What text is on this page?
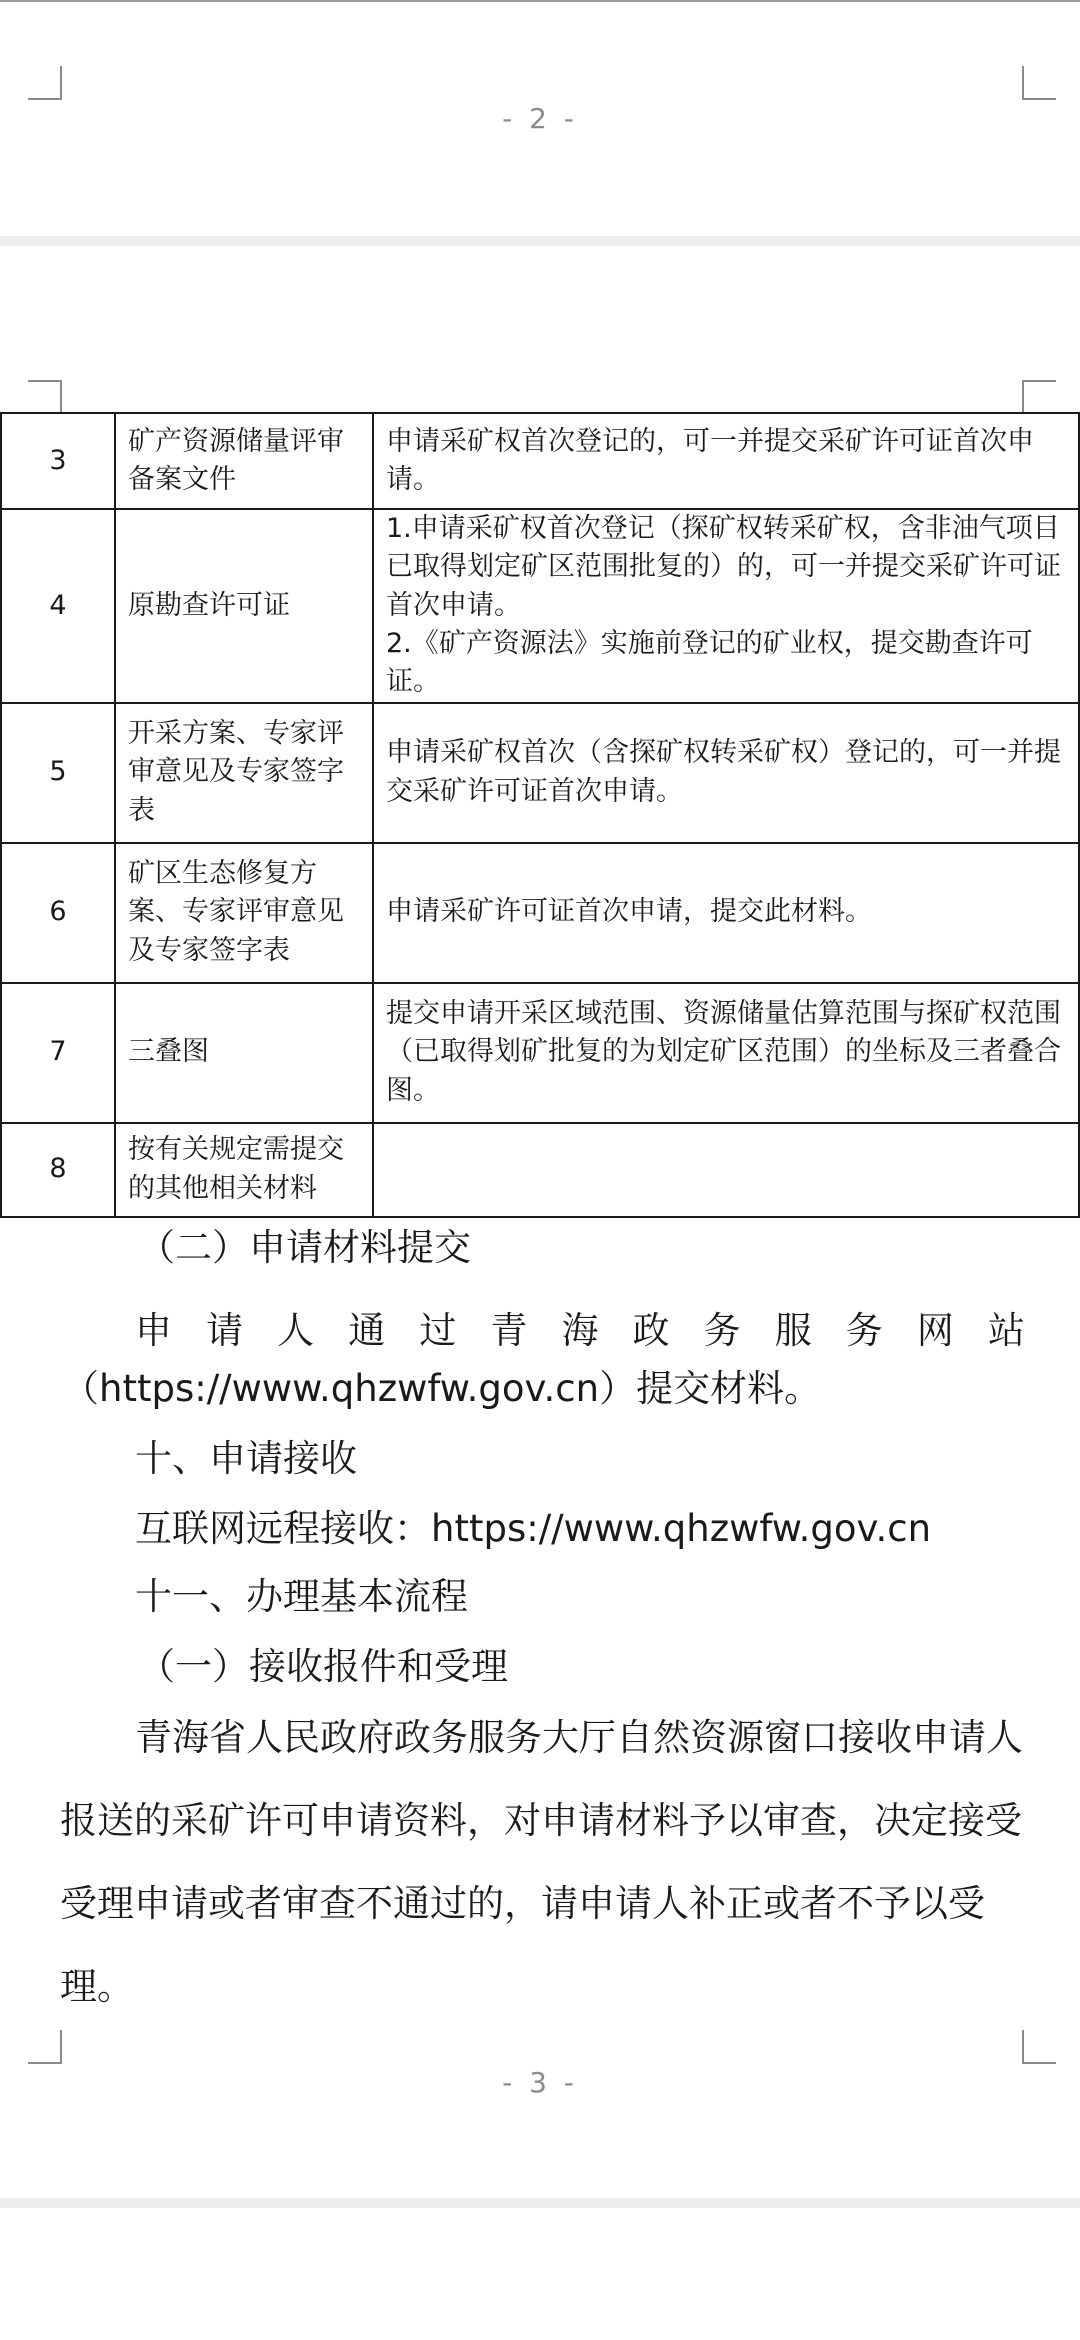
- 2 -
3	矿产资源储量评审备案文件	申请采矿权首次登记的，可一并提交采矿许可证首次申请。
4	原勘查许可证	1.申请采矿权首次登记（探矿权转采矿权，含非油气项目已取得划定矿区范围批复的）的，可一并提交采矿许可证首次申请。
2.《矿产资源法》实施前登记的矿业权，提交勘查许可证。
5	开采方案、专家评审意见及专家签字表	申请采矿权首次（含探矿权转采矿权）登记的，可一并提交采矿许可证首次申请。
6	矿区生态修复方案、专家评审意见及专家签字表	申请采矿许可证首次申请，提交此材料。
7	三叠图	提交申请开采区域范围、资源储量估算范围与探矿权范围（已取得划矿批复的为划定矿区范围）的坐标及三者叠合图。
8	按有关规定需提交的其他相关材料	
（二）申请材料提交
申 请 人 通 过 青 海 政 务 服 务 网 站
（https://www.qhzwfw.gov.cn）提交材料。
十、申请接收
互联网远程接收：https://www.qhzwfw.gov.cn
十一、办理基本流程
（一）接收报件和受理
青海省人民政府政务服务大厅自然资源窗口接收申请人报送的采矿许可申请资料，对申请材料予以审查，决定接受受理申请或者审查不通过的，请申请人补正或者不予以受理。
- 3 -
